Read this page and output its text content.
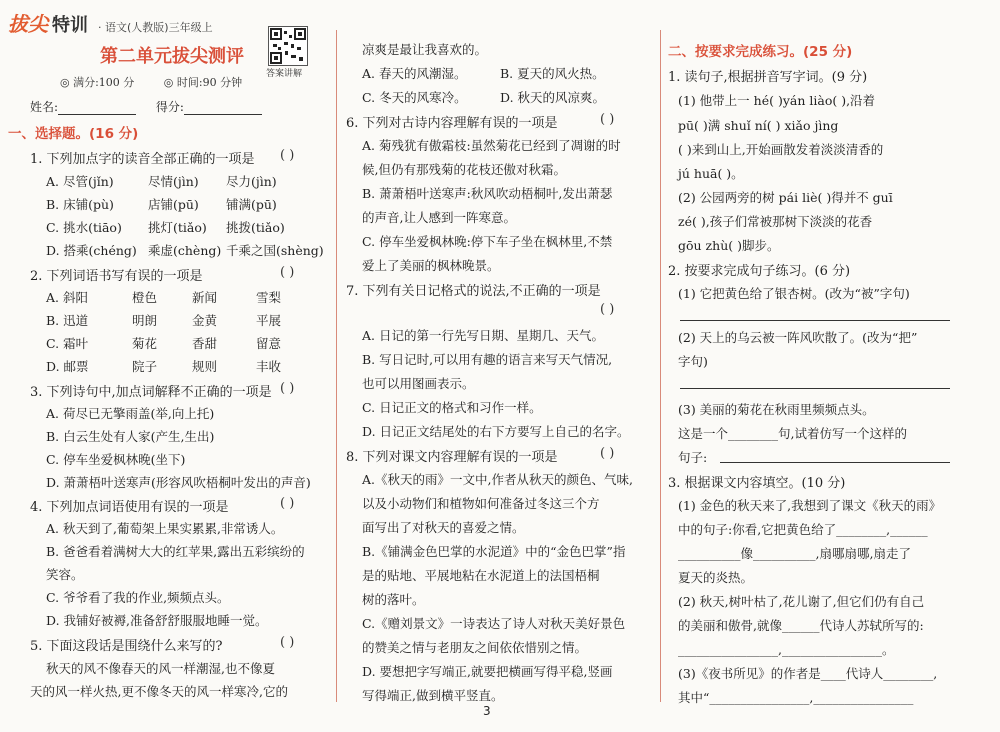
拔尖 特训 · 语文(人教版)三年级上
第二单元拔尖测评
答案讲解
◎ 满分:100 分	◎ 时间:90 分钟
姓名:	得分:
一、选择题。(16 分)
1. 下列加点字的读音全部正确的一项是 ( )
A. 尽管(jǐn)	尽情(jìn) 尽力(jìn)
B. 床铺(pù)	店铺(pū) 铺满(pū)
C. 挑水(tiāo) 挑灯(tiǎo) 挑拨(tiǎo)
D. 搭乘(chéng) 乘虚(chèng) 千乘之国(shèng)
2. 下列词语书写有误的一项是	( )
A. 斜阳	橙色	新闻	雪梨
B. 迅道	明朗	金黄	平展
C. 霜叶	菊花	香甜	留意
D. 邮票	院子	规则	丰收
3. 下列诗句中,加点词解释不正确的一项是 ( )
A. 荷尽已无擎雨盖(举,向上托)
B. 白云生处有人家(产生,生出)
C. 停车坐爱枫林晚(坐下)
D. 萧萧梧叶送寒声(形容风吹梧桐叶发出的声音)
4. 下列加点词语使用有误的一项是	( )
A. 秋天到了,葡萄架上果实累累,非常诱人。
B. 爸爸看着满树大大的红苹果,露出五彩缤纷的
笑容。
C. 爷爷看了我的作业,频频点头。
D. 我铺好被褥,准备舒舒服服地睡一觉。
5. 下面这段话是围绕什么来写的?	( )
秋天的风不像春天的风一样潮湿,也不像夏
天的风一样火热,更不像冬天的风一样寒冷,它的
凉爽是最让我喜欢的。
A. 春天的风潮湿。	B. 夏天的风火热。
C. 冬天的风寒冷。	D. 秋天的风凉爽。
6. 下列对古诗内容理解有误的一项是	( )
A. 菊残犹有傲霜枝:虽然菊花已经到了凋谢的时
候,但仍有那残菊的花枝还傲对秋霜。
B. 萧萧梧叶送寒声:秋风吹动梧桐叶,发出萧瑟
的声音,让人感到一阵寒意。
C. 停车坐爱枫林晚:停下车子坐在枫林里,不禁
爱上了美丽的枫林晚景。
7. 下列有关日记格式的说法,不正确的一项是
( )
A. 日记的第一行先写日期、星期几、天气。
B. 写日记时,可以用有趣的语言来写天气情况,
也可以用图画表示。
C. 日记正文的格式和习作一样。
D. 日记正文结尾处的右下方要写上自己的名字。
8. 下列对课文内容理解有误的一项是	( )
A.《秋天的雨》一文中,作者从秋天的颜色、气味,
以及小动物们和植物如何准备过冬这三个方
面写出了对秋天的喜爱之情。
B.《铺满金色巴掌的水泥道》中的“金色巴掌”指
是的贴地、平展地粘在水泥道上的法国梧桐
树的落叶。
C.《赠刘景文》一诗表达了诗人对秋天美好景色
的赞美之情与老朋友之间依依惜别之情。
D. 要想把字写端正,就要把横画写得平稳,竖画
写得端正,做到横平竖直。
二、按要求完成练习。(25 分)
1. 读句子,根据拼音写字词。(9 分)
(1) 他带上一 hé( )yán liào( ),沿着
pū( )满 shuǐ ní( ) xiǎo jìng
( )来到山上,开始画散发着淡淡清香的
jú huā( )。
(2) 公园两旁的树 pái liè( )得并不 guī
zé( ),孩子们常被那树下淡淡的花香
gōu zhù( )脚步。
2. 按要求完成句子练习。(6 分)
(1) 它把黄色给了银杏树。(改为“被”字句)
(2) 天上的乌云被一阵风吹散了。(改为“把”
字句)
(3) 美丽的菊花在秋雨里频频点头。
这是一个________句,试着仿写一个这样的
句子:
3. 根据课文内容填空。(10 分)
(1) 金色的秋天来了,我想到了课文《秋天的雨》
中的句子:你看,它把黄色给了________,______
__________像__________,扇哪扇哪,扇走了
夏天的炎热。
(2) 秋天,树叶枯了,花儿谢了,但它们仍有自己
的美丽和傲骨,就像______代诗人苏轼所写的:
________________,________________。
(3)《夜书所见》的作者是____代诗人________,
其中“________________,________________
3
